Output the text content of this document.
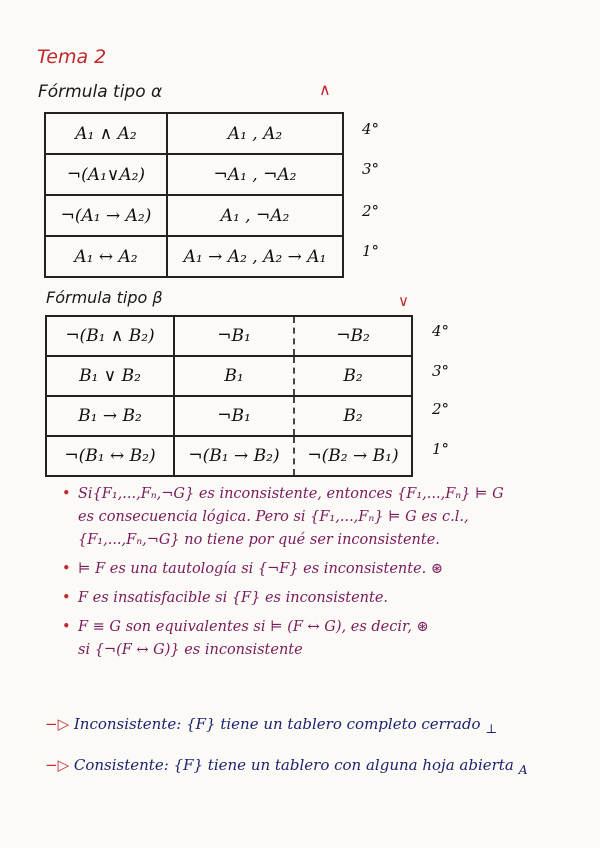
Tema 2
Fórmula tipo α	∧
A₁ ∧ A₂	A₁ , A₂
¬(A₁∨A₂)	¬A₁ , ¬A₂
¬(A₁ → A₂)	A₁ , ¬A₂
A₁ ↔ A₂	A₁ → A₂ , A₂ → A₁
4°
3°
2°
1°
Fórmula tipo β	∨
¬(B₁ ∧ B₂)	¬B₁	¬B₂
B₁ ∨ B₂	B₁	B₂
B₁ → B₂	¬B₁	B₂
¬(B₁ ↔ B₂)	¬(B₁ → B₂)	¬(B₂ → B₁)
4°
3°
2°
1°
• Si{F₁,...,Fₙ,¬G} es inconsistente, entonces {F₁,...,Fₙ} ⊨ G
es consecuencia lógica. Pero si {F₁,...,Fₙ} ⊨ G es c.l.,
{F₁,...,Fₙ,¬G} no tiene por qué ser inconsistente.
• ⊨ F es una tautología si {¬F} es inconsistente. ⊛
• F es insatisfacible si {F} es inconsistente.
• F ≡ G son equivalentes si ⊨ (F ↔ G), es decir, ⊛
si {¬(F ↔ G)} es inconsistente
−▷ Inconsistente: {F} tiene un tablero completo cerrado $_\perp$
−▷ Consistente: {F} tiene un tablero con alguna hoja abierta $_A$
